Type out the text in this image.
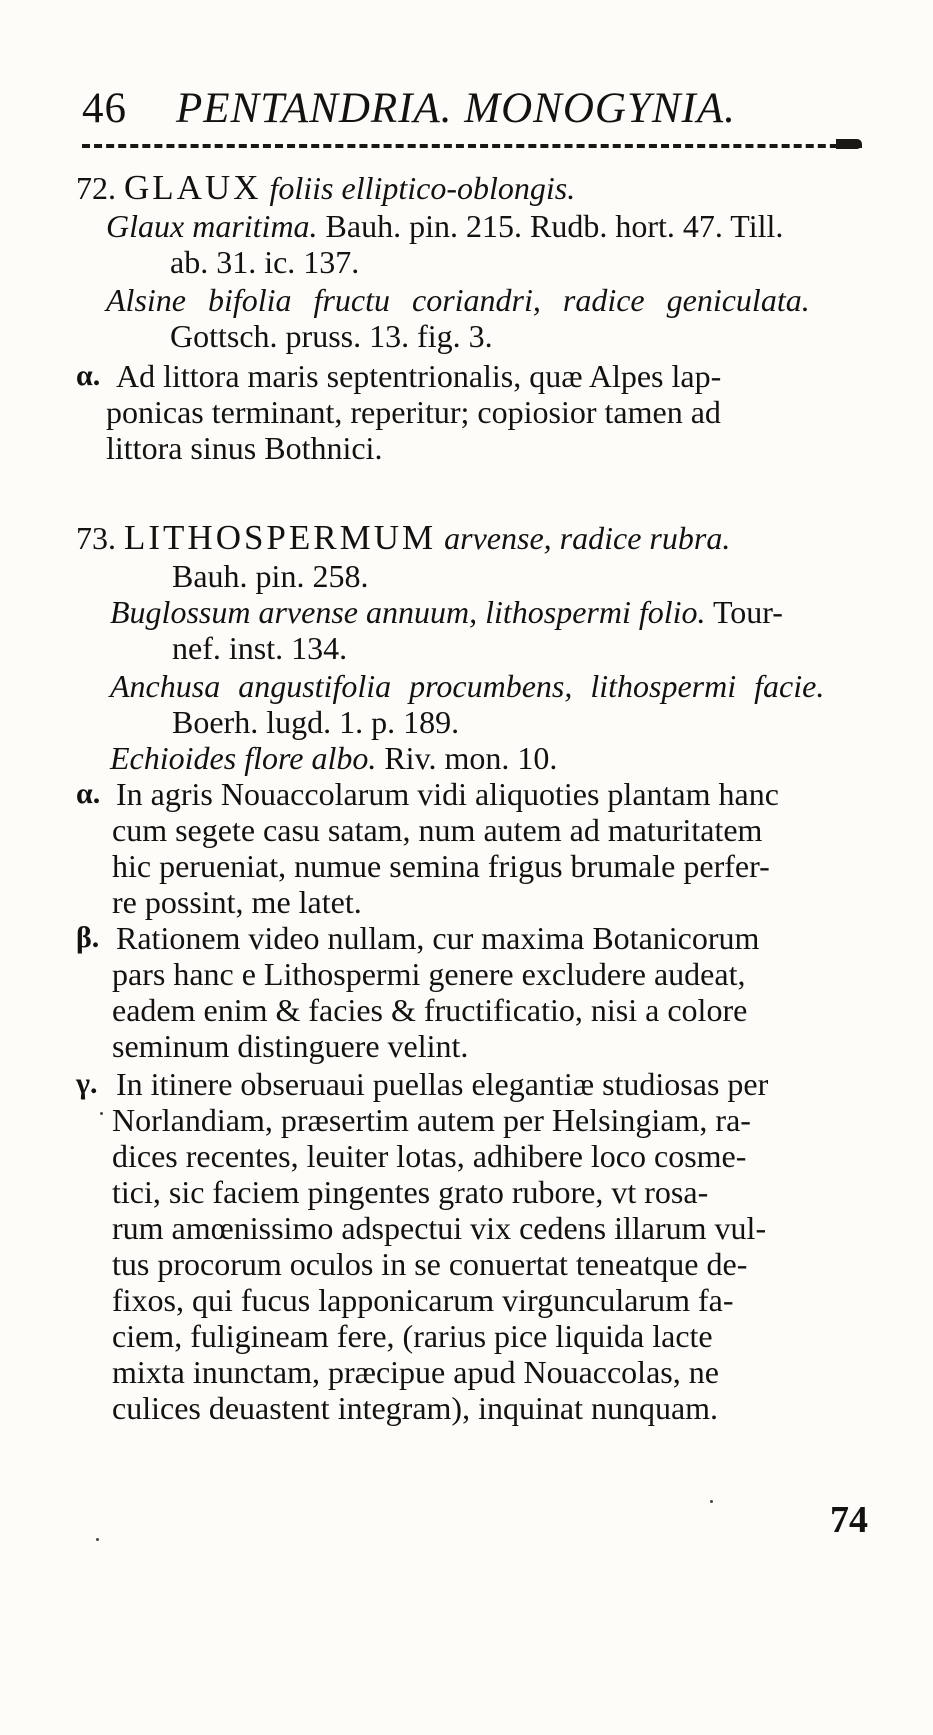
46 PENTANDRIA. MONOGYNIA.
72. GLAUX foliis elliptico-oblongis.
Glaux maritima. Bauh. pin. 215. Rudb. hort. 47. Till.
ab. 31. ic. 137.
Alsine bifolia fructu coriandri, radice geniculata.
Gottsch. pruss. 13. fig. 3.
α. Ad littora maris septentrionalis, quæ Alpes lap-
ponicas terminant, reperitur; copiosior tamen ad
littora sinus Bothnici.
73. LITHOSPERMUM arvense, radice rubra.
Bauh. pin. 258.
Buglossum arvense annuum, lithospermi folio. Tour-
nef. inst. 134.
Anchusa angustifolia procumbens, lithospermi facie.
Boerh. lugd. 1. p. 189.
Echioides flore albo. Riv. mon. 10.
α. In agris Nouaccolarum vidi aliquoties plantam hanc
cum segete casu satam, num autem ad maturitatem
hic perueniat, numue semina frigus brumale perfer-
re possint, me latet.
β. Rationem video nullam, cur maxima Botanicorum
pars hanc e Lithospermi genere excludere audeat,
eadem enim & facies & fructificatio, nisi a colore
seminum distinguere velint.
γ. In itinere obseruaui puellas elegantiæ studiosas per
Norlandiam, præsertim autem per Helsingiam, ra-
dices recentes, leuiter lotas, adhibere loco cosme-
tici, sic faciem pingentes grato rubore, vt rosa-
rum amœnissimo adspectui vix cedens illarum vul-
tus procorum oculos in se conuertat teneatque de-
fixos, qui fucus lapponicarum virguncularum fa-
ciem, fuligineam fere, (rarius pice liquida lacte
mixta inunctam, præcipue apud Nouaccolas, ne
culices deuastent integram), inquinat nunquam.
74
